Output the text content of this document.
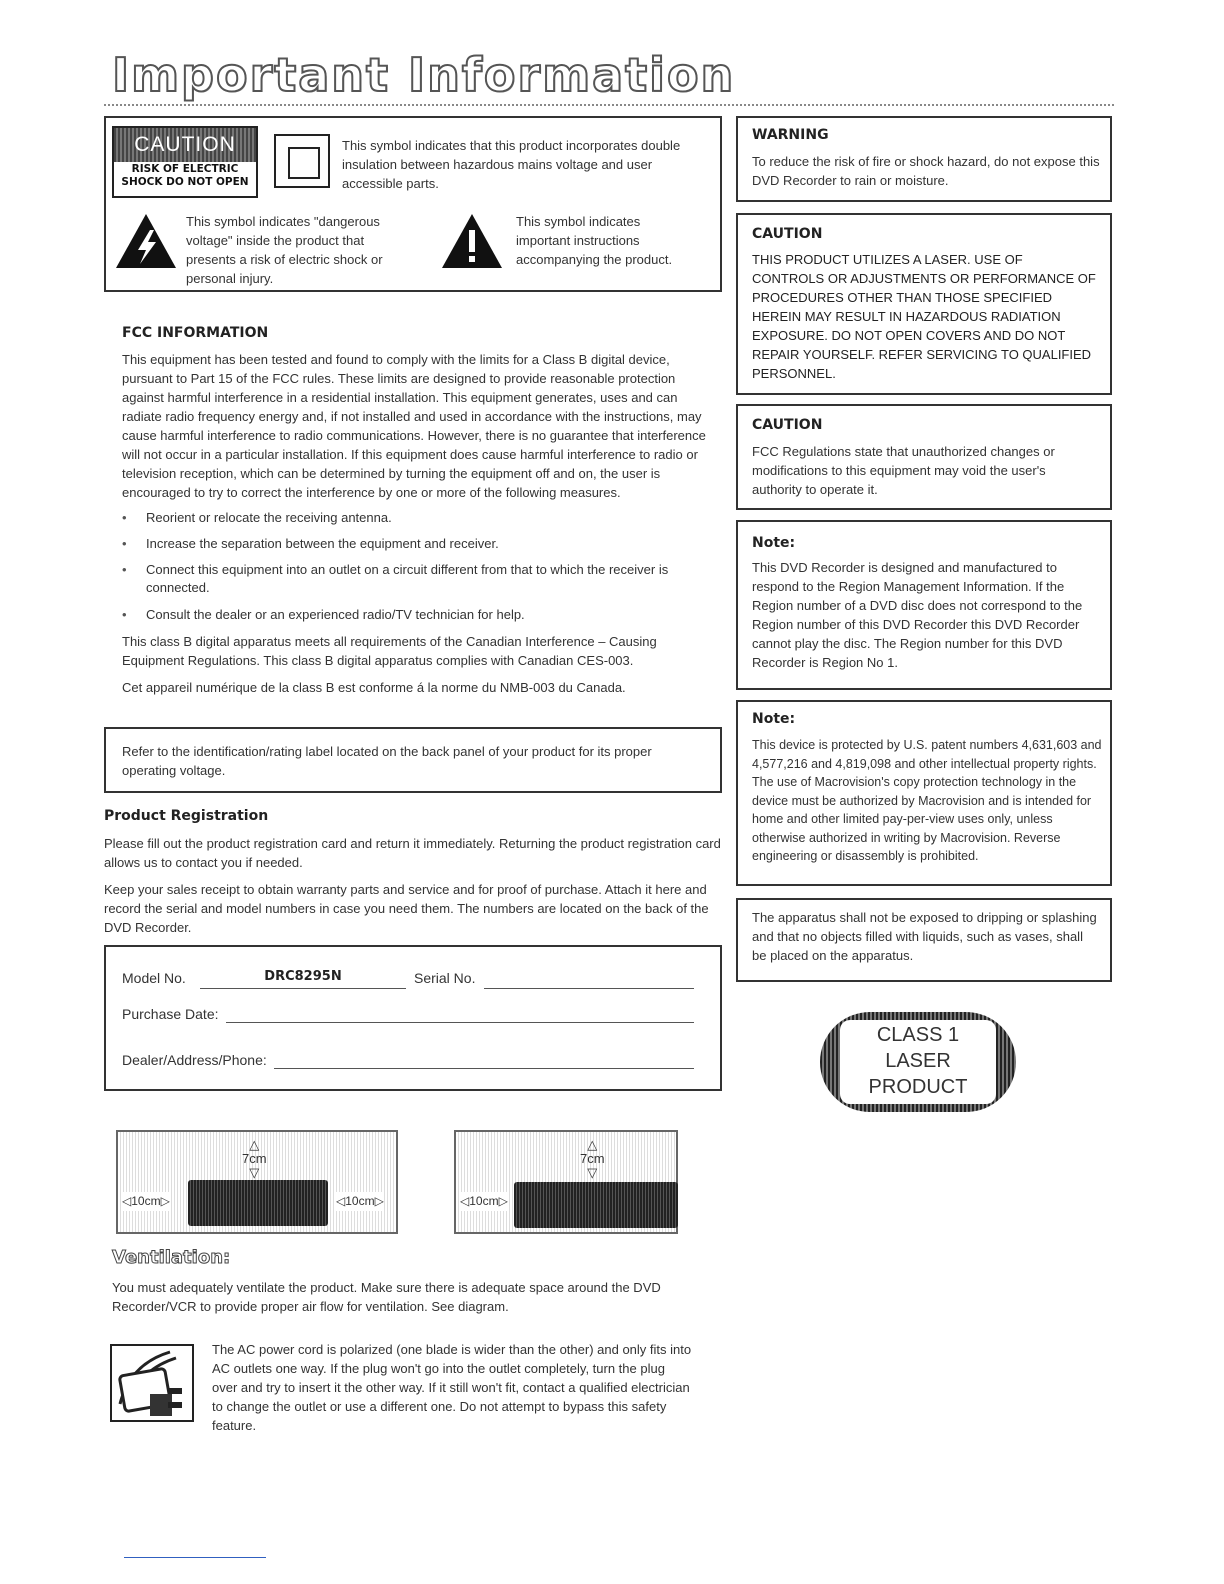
Important Information
CAUTION
RISK OF ELECTRIC
SHOCK DO NOT OPEN
This symbol indicates that this product incorporates double insulation between hazardous mains voltage and user accessible parts.
This symbol indicates "dangerous voltage" inside the product that presents a risk of electric shock or personal injury.
This symbol indicates important instructions accompanying the product.
FCC INFORMATION
This equipment has been tested and found to comply with the limits for a Class B digital device, pursuant to Part 15 of the FCC rules. These limits are designed to provide reasonable protection against harmful interference in a residential installation. This equipment generates, uses and can radiate radio frequency energy and, if not installed and used in accordance with the instructions, may cause harmful interference to radio communications. However, there is no guarantee that interference will not occur in a particular installation. If this equipment does cause harmful interference to radio or television reception, which can be determined by turning the equipment off and on, the user is encouraged to try to correct the interference by one or more of the following measures.
• Reorient or relocate the receiving antenna.
• Increase the separation between the equipment and receiver.
• Connect this equipment into an outlet on a circuit different from that to which the receiver is connected.
• Consult the dealer or an experienced radio/TV technician for help.
This class B digital apparatus meets all requirements of the Canadian Interference – Causing Equipment Regulations. This class B digital apparatus complies with Canadian CES-003.
Cet appareil numérique de la class B est conforme á la norme du NMB-003 du Canada.
Refer to the identification/rating label located on the back panel of your product for its proper operating voltage.
Product Registration
Please fill out the product registration card and return it immediately. Returning the product registration card allows us to contact you if needed.
Keep your sales receipt to obtain warranty parts and service and for proof of purchase. Attach it here and record the serial and model numbers in case you need them. The numbers are located on the back of the DVD Recorder.
Model No.	DRC8295N	Serial No.
Purchase Date:
Dealer/Address/Phone:
△
7cm
▽
◁10cm▷	◁10cm▷
△
7cm
▽
◁10cm▷
Ventilation:
You must adequately ventilate the product. Make sure there is adequate space around the DVD Recorder/VCR to provide proper air flow for ventilation. See diagram.
The AC power cord is polarized (one blade is wider than the other) and only fits into AC outlets one way. If the plug won't go into the outlet completely, turn the plug over and try to insert it the other way. If it still won't fit, contact a qualified electrician to change the outlet or use a different one. Do not attempt to bypass this safety feature.
WARNING
To reduce the risk of fire or shock hazard, do not expose this DVD Recorder to rain or moisture.
CAUTION
THIS PRODUCT UTILIZES A LASER. USE OF CONTROLS OR ADJUSTMENTS OR PERFORMANCE OF PROCEDURES OTHER THAN THOSE SPECIFIED HEREIN MAY RESULT IN HAZARDOUS RADIATION EXPOSURE. DO NOT OPEN COVERS AND DO NOT REPAIR YOURSELF. REFER SERVICING TO QUALIFIED PERSONNEL.
CAUTION
FCC Regulations state that unauthorized changes or modifications to this equipment may void the user's authority to operate it.
Note:
This DVD Recorder is designed and manufactured to respond to the Region Management Information. If the Region number of a DVD disc does not correspond to the Region number of this DVD Recorder this DVD Recorder cannot play the disc. The Region number for this DVD Recorder is Region No 1.
Note:
This device is protected by U.S. patent numbers 4,631,603 and 4,577,216 and 4,819,098 and other intellectual property rights. The use of Macrovision's copy protection technology in the device must be authorized by Macrovision and is intended for home and other limited pay-per-view uses only, unless otherwise authorized in writing by Macrovision. Reverse engineering or disassembly is prohibited.
The apparatus shall not be exposed to dripping or splashing and that no objects filled with liquids, such as vases, shall be placed on the apparatus.
CLASS 1
LASER
PRODUCT
